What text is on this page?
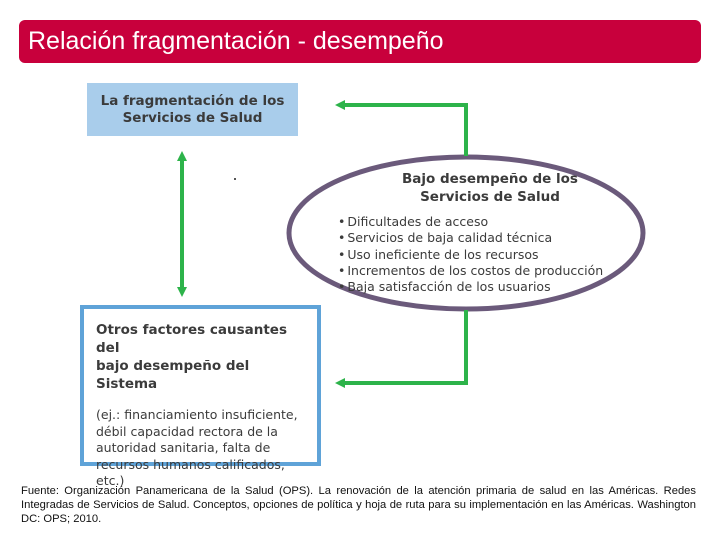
Relación fragmentación - desempeño
La fragmentación de los
Servicios de Salud
Bajo desempeño de los
Servicios de Salud
• Dificultades de acceso
• Servicios de baja calidad técnica
• Uso ineficiente de los recursos
• Incrementos de los costos de producción
• Baja satisfacción de los usuarios
Otros factores causantes del
bajo desempeño del Sistema
(ej.: financiamiento insuficiente,
débil capacidad rectora de la
autoridad sanitaria, falta de
recursos humanos calificados,
etc.)
Fuente: Organización Panamericana de la Salud (OPS). La renovación de la atención primaria de salud en las Américas. Redes Integradas de Servicios de Salud. Conceptos, opciones de política y hoja de ruta para su implementación en las Américas. Washington DC: OPS; 2010.
